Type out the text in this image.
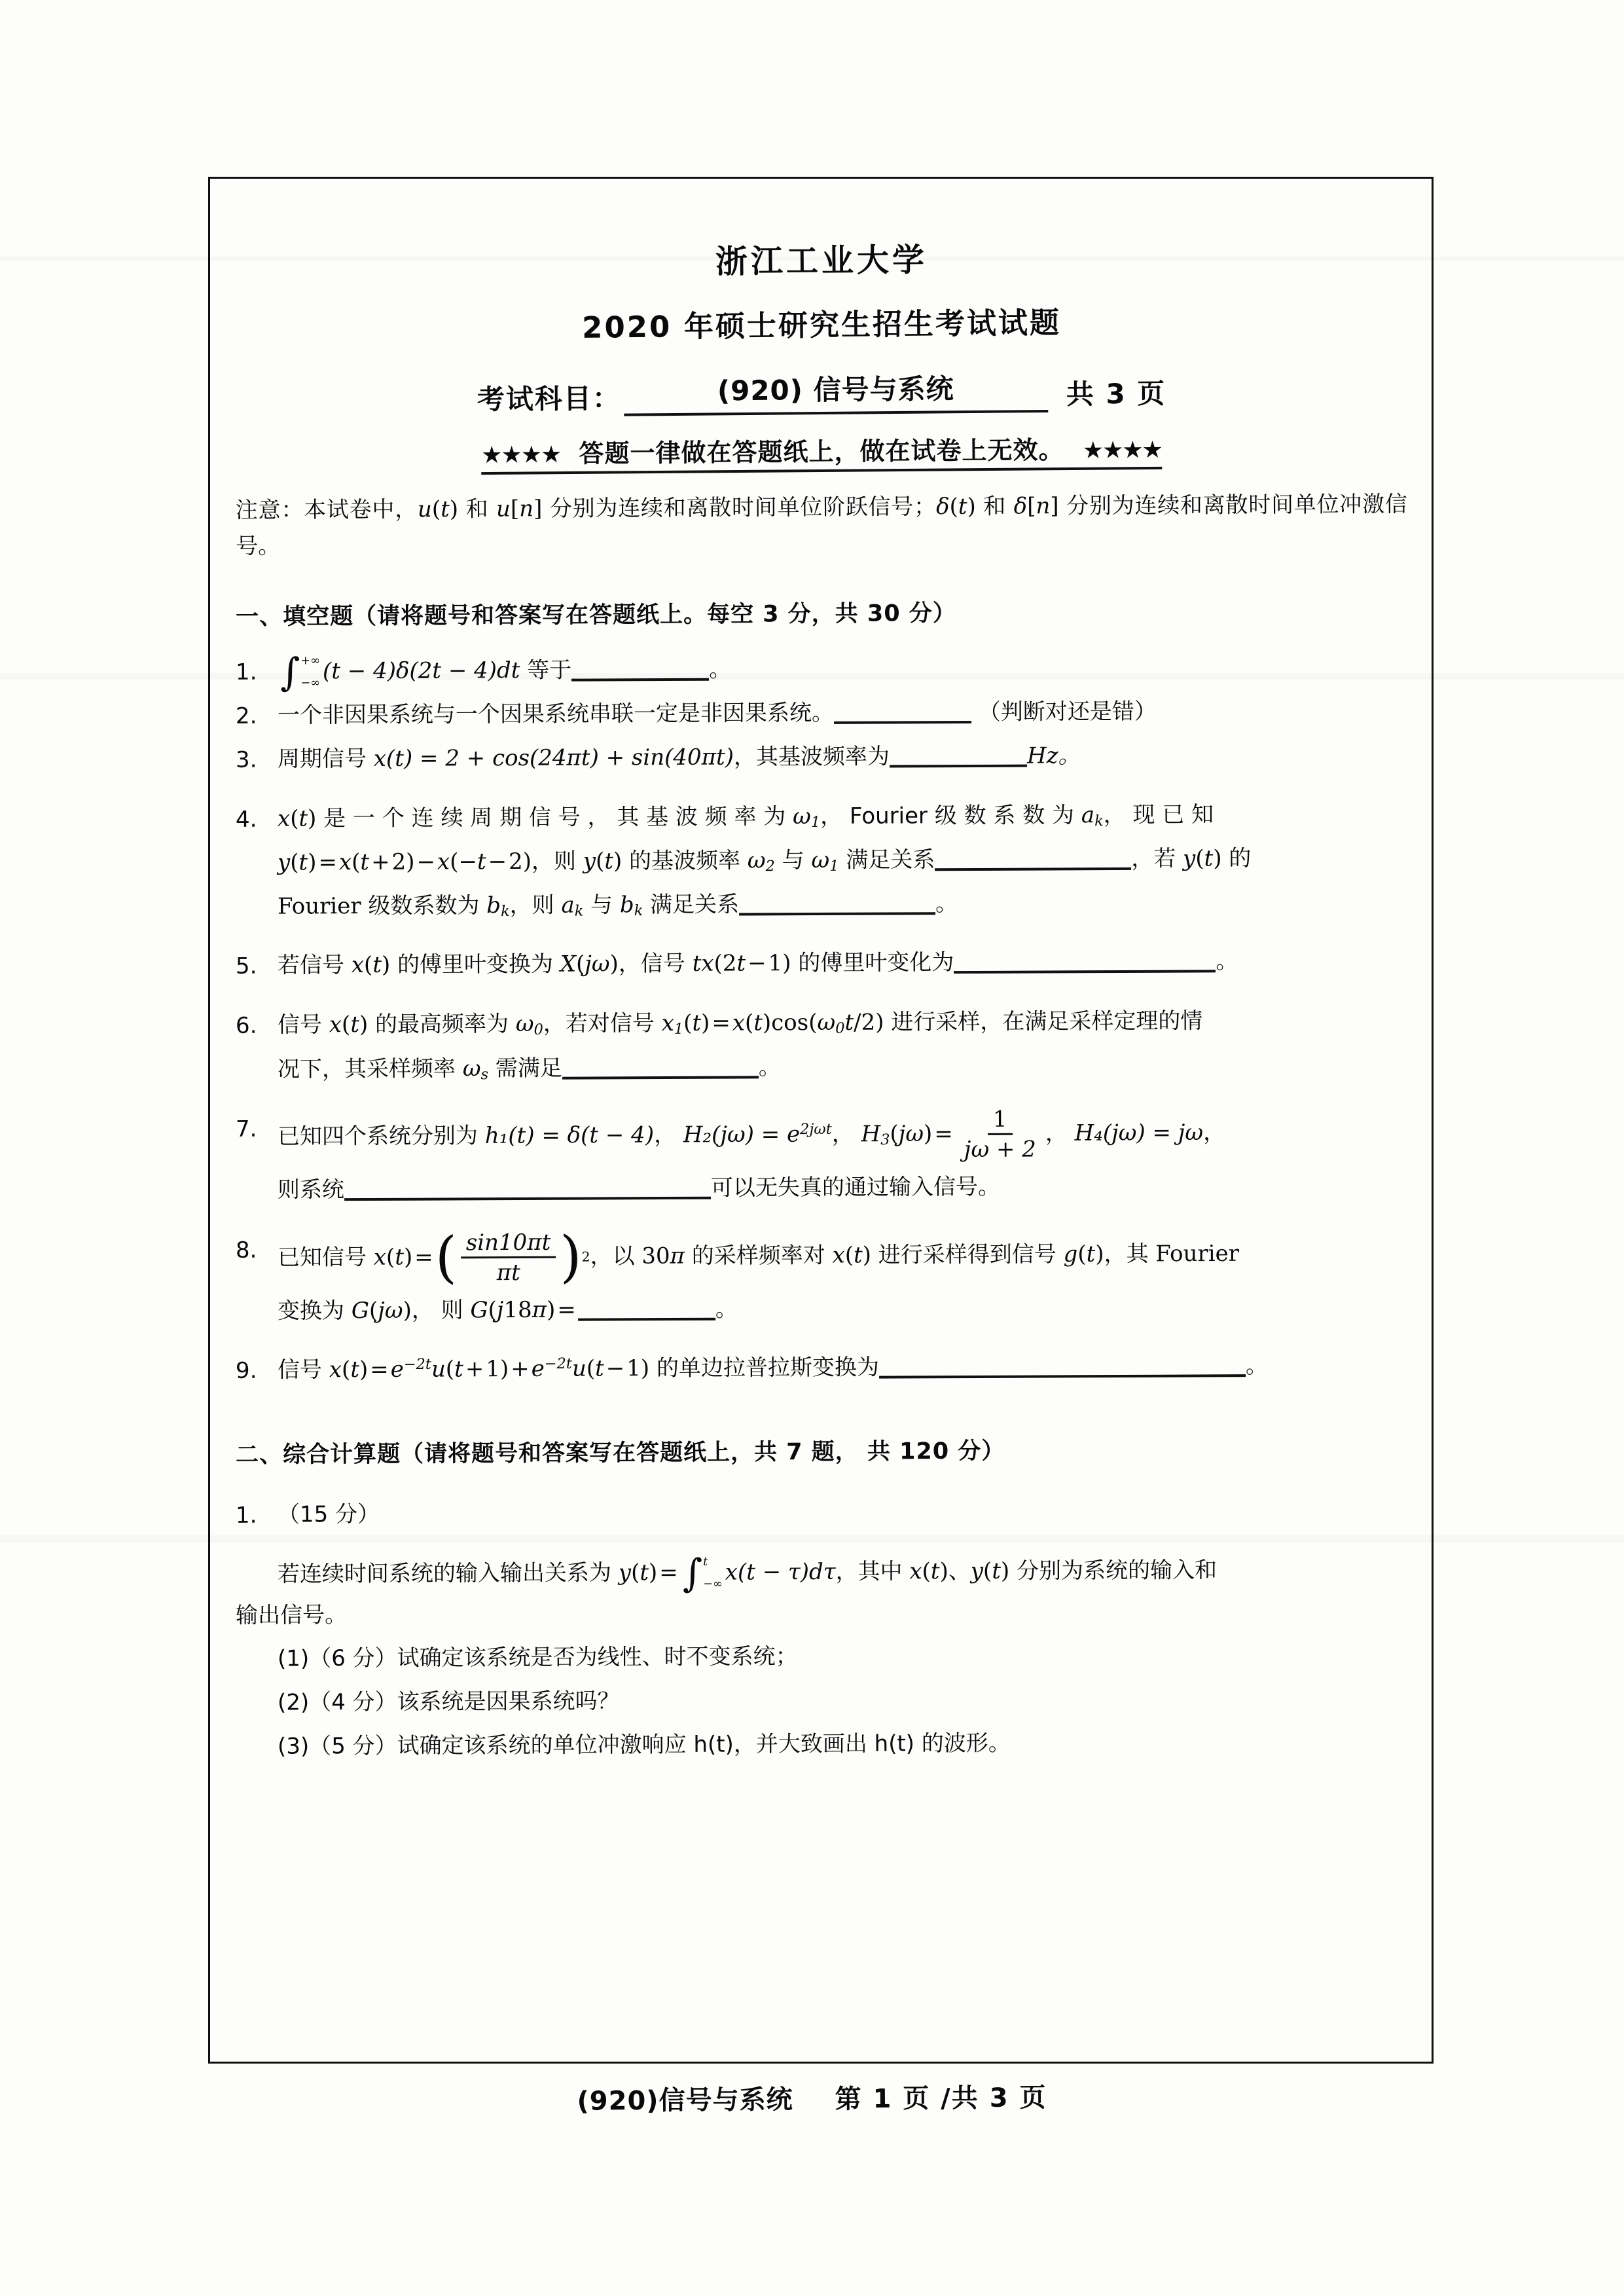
浙江工业大学
2020 年硕士研究生招生考试试题
考试科目：	(920) 信号与系统	共 3 页
★★★★ 答题一律做在答题纸上，做在试卷上无效。 ★★★★
注意：本试卷中，u(t) 和 u[n] 分别为连续和离散时间单位阶跃信号；δ(t) 和 δ[n] 分别为连续和离散时间单位冲激信号。
一、填空题（请将题号和答案写在答题纸上。每空 3 分，共 30 分）
1. ∫ +∞
−∞ (t − 4)δ(2t − 4)dt 等于	。
2. 一个非因果系统与一个因果系统串联一定是非因果系统。	（判断对还是错）
3. 周期信号 x(t) = 2 + cos(24πt) + sin(40πt)，其基波频率为	Hz。
4. x(t) 是 一 个 连 续 周 期 信 号 ， 其 基 波 频 率 为 $\omega_1$， Fourier 级 数 系 数 为 $a_k$， 现 已 知
y(t)=x(t+2)−x(−t−2)，则 y(t) 的基波频率 $\omega_2$ 与 $\omega_1$ 满足关系	，若 y(t) 的
Fourier 级数系数为 $b_k$，则 $a_k$ 与 $b_k$ 满足关系	。
5. 若信号 x(t) 的傅里叶变换为 X(jω)，信号 tx(2t−1) 的傅里叶变化为	。
6. 信号 x(t) 的最高频率为 $\omega_0$，若对信号 $x_1(t)=x(t)\cos(\omega_0t/2)$ 进行采样，在满足采样定理的情
况下，其采样频率 $\omega_s$ 需满足	。
7. 已知四个系统分别为 h₁(t) = δ(t − 4)， $H_2(j\omega) = e^{2j\omega t}$， $H_3(j\omega)= \frac{1}{j\omega + 2}$ ， H₄(jω) = jω，
则系统	可以无失真的通过输入信号。
8. 已知信号 x(t)= ( $\frac{\sin 10\pi t}{\pi t}$ ) 2 ，以 30π 的采样频率对 x(t) 进行采样得到信号 g(t)，其 Fourier
变换为 G(jω)， 则 G(j18π)=	。
9. 信号 $x(t)=e^{-2t}u(t+1)+e^{-2t}u(t-1)$ 的单边拉普拉斯变换为	。
二、综合计算题（请将题号和答案写在答题纸上，共 7 题， 共 120 分）
1. （15 分）
若连续时间系统的输入输出关系为 y(t)= ∫ t
−∞ x(t − τ)dτ，其中 x(t)、y(t) 分别为系统的输入和
输出信号。
(1)（6 分）试确定该系统是否为线性、时不变系统；
(2)（4 分）该系统是因果系统吗？
(3)（5 分）试确定该系统的单位冲激响应 h(t)，并大致画出 h(t) 的波形。
(920)信号与系统 第 1 页 /共 3 页
